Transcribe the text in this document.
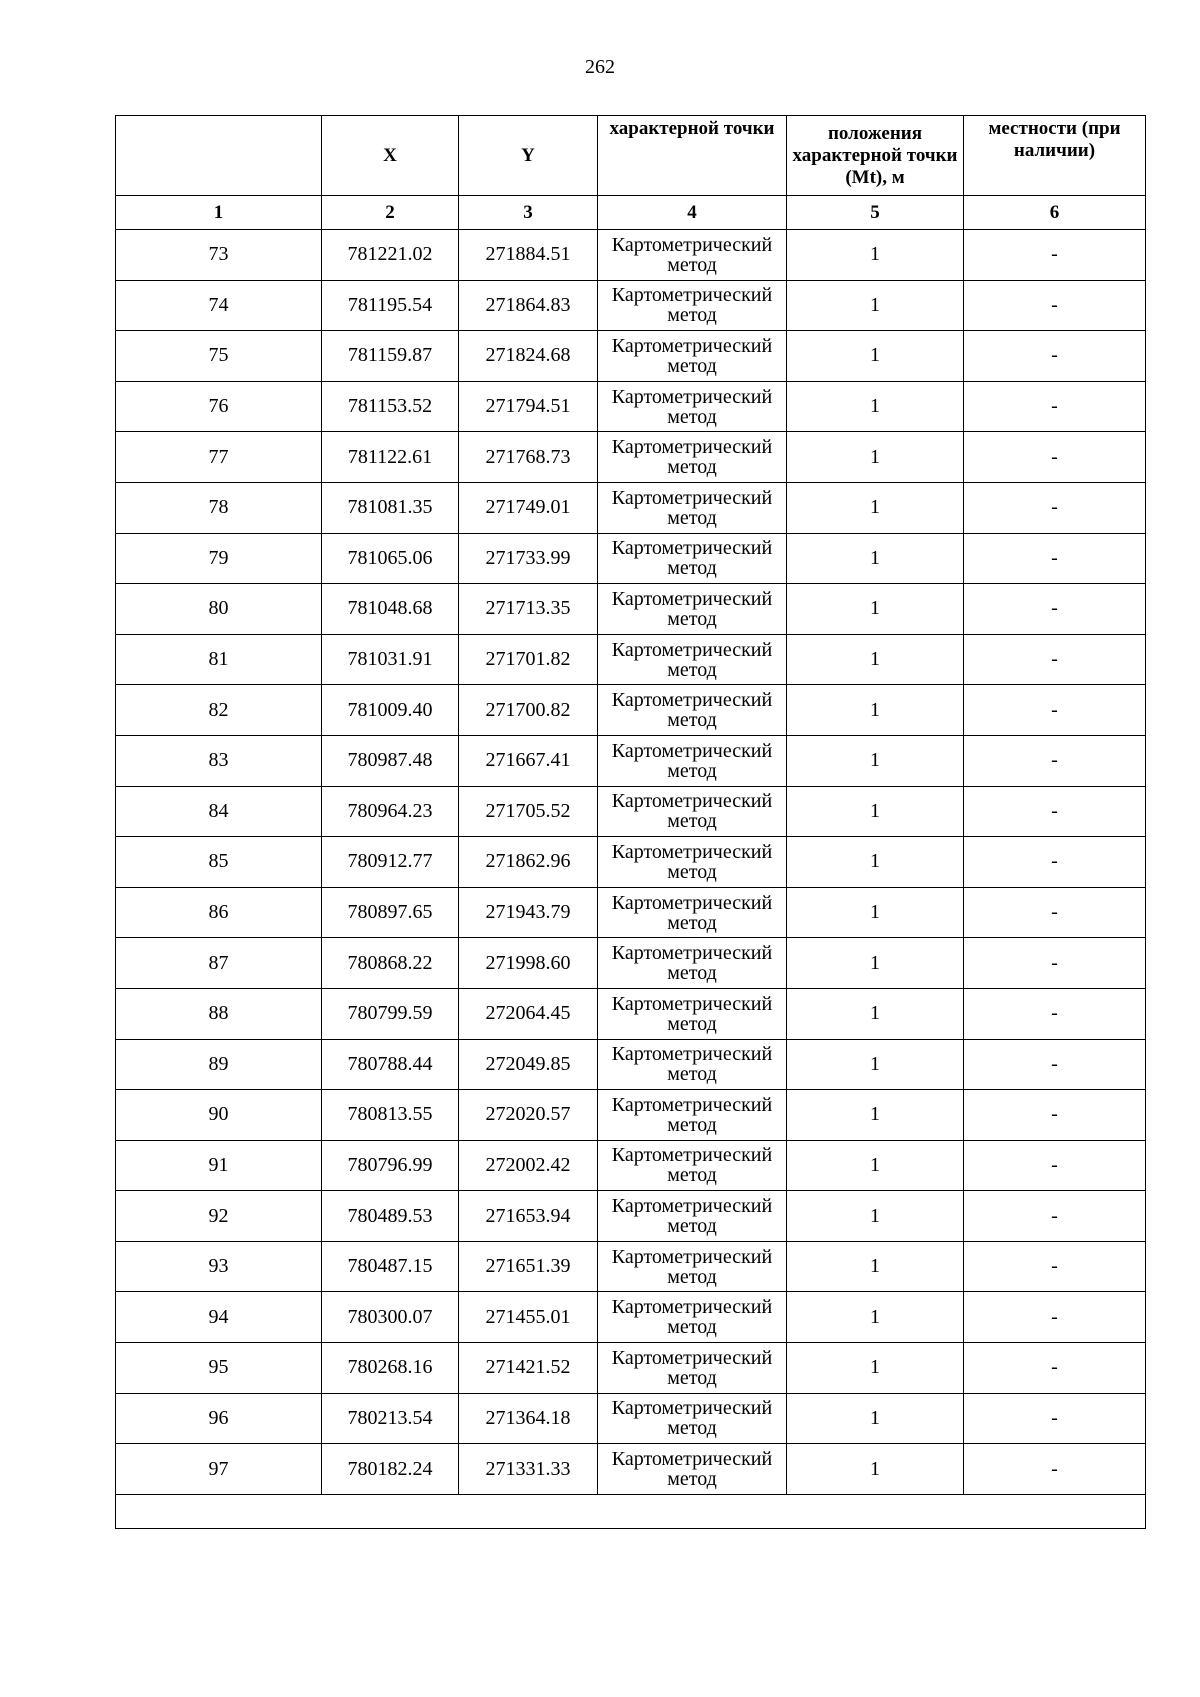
262
	X	Y	характерной точки	положения характерной точки (Mt), м	местности (при наличии)
1	2	3	4	5	6
73	781221.02	271884.51	Картометрический метод	1	-
74	781195.54	271864.83	Картометрический метод	1	-
75	781159.87	271824.68	Картометрический метод	1	-
76	781153.52	271794.51	Картометрический метод	1	-
77	781122.61	271768.73	Картометрический метод	1	-
78	781081.35	271749.01	Картометрический метод	1	-
79	781065.06	271733.99	Картометрический метод	1	-
80	781048.68	271713.35	Картометрический метод	1	-
81	781031.91	271701.82	Картометрический метод	1	-
82	781009.40	271700.82	Картометрический метод	1	-
83	780987.48	271667.41	Картометрический метод	1	-
84	780964.23	271705.52	Картометрический метод	1	-
85	780912.77	271862.96	Картометрический метод	1	-
86	780897.65	271943.79	Картометрический метод	1	-
87	780868.22	271998.60	Картометрический метод	1	-
88	780799.59	272064.45	Картометрический метод	1	-
89	780788.44	272049.85	Картометрический метод	1	-
90	780813.55	272020.57	Картометрический метод	1	-
91	780796.99	272002.42	Картометрический метод	1	-
92	780489.53	271653.94	Картометрический метод	1	-
93	780487.15	271651.39	Картометрический метод	1	-
94	780300.07	271455.01	Картометрический метод	1	-
95	780268.16	271421.52	Картометрический метод	1	-
96	780213.54	271364.18	Картометрический метод	1	-
97	780182.24	271331.33	Картометрический метод	1	-
